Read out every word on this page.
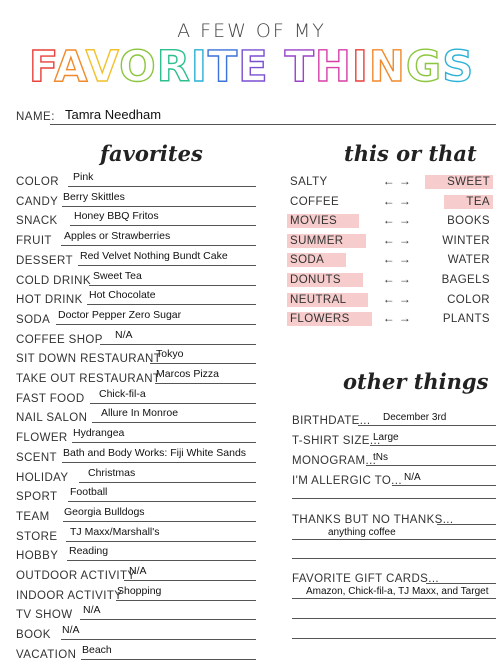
A FEW OF MY
FAVORITE THINGS
NAME: Tamra Needham
favorites
COLOR Pink
CANDY Berry Skittles
SNACK Honey BBQ Fritos
FRUIT Apples or Strawberries
DESSERT Red Velvet Nothing Bundt Cake
COLD DRINK Sweet Tea
HOT DRINK Hot Chocolate
SODA Doctor Pepper Zero Sugar
COFFEE SHOP N/A
SIT DOWN RESTAURANT
Tokyo
TAKE OUT RESTAURANT
Marcos Pizza
FAST FOOD Chick-fil-a
NAIL SALON Allure In Monroe
FLOWER Hydrangea
SCENT Bath and Body Works: Fiji White Sands
HOLIDAY Christmas
SPORT Football
TEAM Georgia Bulldogs
STORE TJ Maxx/Marshall's
HOBBY Reading
OUTDOOR ACTIVITY
N/A
INDOOR ACTIVITY
Shopping
TV SHOW N/A
BOOK N/A
VACATION Beach
this or that
SALTY	← →	SWEET
COFFEE	← →	TEA
MOVIES	← →	BOOKS
SUMMER	← →	WINTER
SODA	← →	WATER
DONUTS	← →	BAGELS
NEUTRAL	← →	COLOR
FLOWERS	← →	PLANTS
other things
BIRTHDATE... December 3rd
T-SHIRT SIZE...
Large
MONOGRAM...
tNs
I'M ALLERGIC TO... N/A
THANKS BUT NO THANKS...
anything coffee
FAVORITE GIFT CARDS...
Amazon, Chick-fil-a, TJ Maxx, and Target
